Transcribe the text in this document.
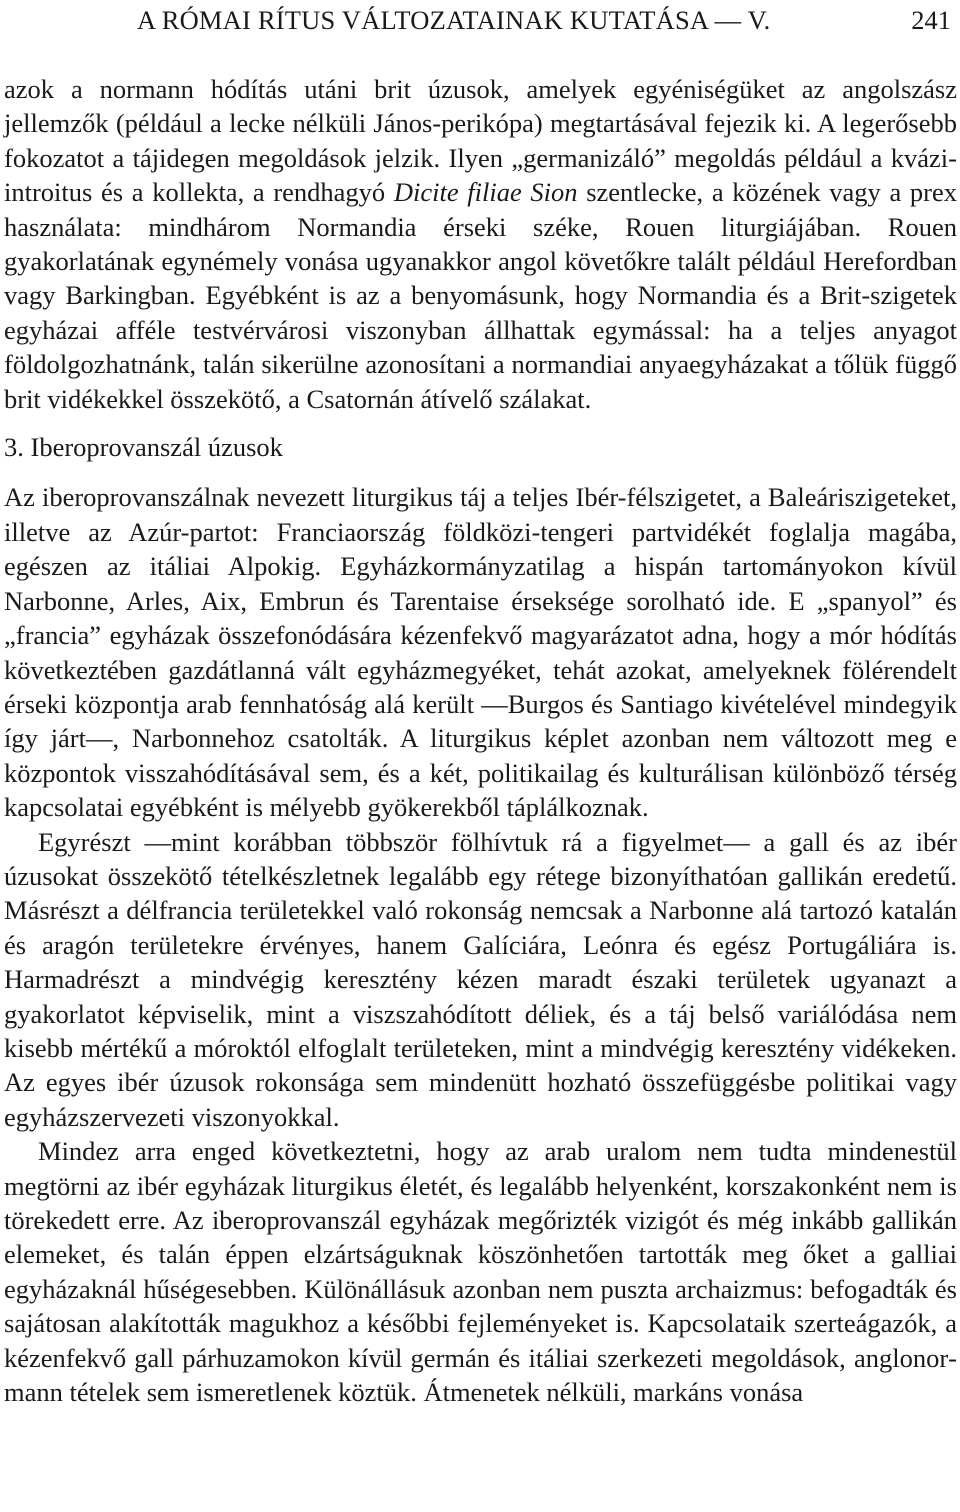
A RÓMAI RÍTUS VÁLTOZATAINAK KUTATÁSA — V.	241

azok a normann hódítás utáni brit úzusok, amelyek egyéniségüket az angolszász jellemzők (például a lecke nélküli János-perikópa) megtartásával fejezik ki. A legerősebb fokozatot a tájidegen megoldások jelzik. Ilyen „germanizáló” megoldás például a kvázi-introitus és a kollekta, a rendhagyó Dicite filiae Sion szentlecke, a közének vagy a prex használata: mindhárom Normandia érseki széke, Rouen liturgiájában. Rouen gyakorlatának egynémely vonása ugyanakkor angol követőkre talált például Herefordban vagy Barkingban. Egyébként is az a benyomásunk, hogy Normandia és a Brit-szigetek egyházai afféle testvérvárosi viszonyban állhattak egymással: ha a teljes anyagot földolgozhatnánk, talán sikerülne azonosítani a normandiai anyaegyházakat a tőlük függő brit vidékekkel összekötő, a Csatornán átívelő szálakat.

3. Iberoprovanszál úzusok

Az iberoprovanszálnak nevezett liturgikus táj a teljes Ibér-félszigetet, a Baleáriszigeteket, illetve az Azúr-partot: Franciaország földközi-tengeri partvidékét foglalja magába, egészen az itáliai Alpokig. Egyházkormányzatilag a hispán tartományokon kívül Narbonne, Arles, Aix, Embrun és Tarentaise érseksége sorolható ide. E „spanyol” és „francia” egyházak összefonódására kézenfekvő magyarázatot adna, hogy a mór hódítás következtében gazdátlanná vált egyházmegyéket, tehát azokat, amelyeknek fölérendelt érseki központja arab fennhatóság alá került —Burgos és Santiago kivételével mindegyik így járt—, Narbonnehoz csatolták. A liturgikus képlet azonban nem változott meg e központok visszahódításával sem, és a két, politikailag és kulturálisan különböző térség kapcsolatai egyébként is mélyebb gyökerekből táplálkoznak.

Egyrészt —mint korábban többször fölhívtuk rá a figyelmet— a gall és az ibér úzusokat összekötő tételkészletnek legalább egy rétege bizonyíthatóan gallikán eredetű. Másrészt a délfrancia területekkel való rokonság nemcsak a Narbonne alá tartozó katalán és aragón területekre érvényes, hanem Galíciára, Leónra és egész Portugáliára is. Harmadrészt a mindvégig keresztény kézen maradt északi területek ugyanazt a gyakorlatot képviselik, mint a viszszahódított déliek, és a táj belső variálódása nem kisebb mértékű a móroktól elfoglalt területeken, mint a mindvégig keresztény vidékeken. Az egyes ibér úzusok rokonsága sem mindenütt hozható összefüggésbe politikai vagy egyházszervezeti viszonyokkal.

Mindez arra enged következtetni, hogy az arab uralom nem tudta mindenestül megtörni az ibér egyházak liturgikus életét, és legalább helyenként, korszakonként nem is törekedett erre. Az iberoprovanszál egyházak megőrizték vizigót és még inkább gallikán elemeket, és talán éppen elzártságuknak köszönhetően tartották meg őket a galliai egyházaknál hűségesebben. Különállásuk azonban nem puszta archaizmus: befogadták és sajátosan alakították magukhoz a későbbi fejleményeket is. Kapcsolataik szerteágazók, a kézenfekvő gall párhuzamokon kívül germán és itáliai szerkezeti megoldások, anglonormann tételek sem ismeretlenek köztük. Átmenetek nélküli, markáns vonása
